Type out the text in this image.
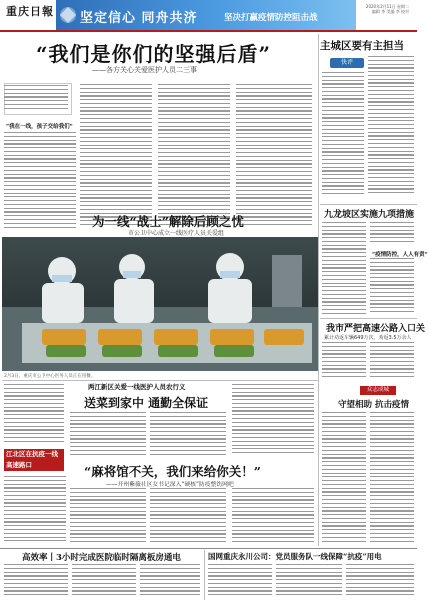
重庆日報 坚定信心 同舟共济	坚决打赢疫情防控阻击战
2020年2月11日 星期二
编辑 李 美编 李 校对
“我们是你们的坚强后盾”
——各方关心关爱医护人员二三事
“我在一线，孩子交给我们”
为一线“战士”解除后顾之忧
市公卫中心成立一线医疗人员关爱组
2月3日，重庆市公卫中心医务人员正在用餐。
两江新区关爱一线医护人员农行义
送菜到家中 通勤全保证
江北区在抗疫一线
高速路口	“麻将馆不关，我们来给你关！”
——开州紫薇社区女书记深入“硬核”防疫整饬网吧
主城区要有主担当
快评
九龙坡区实施九项措施
“疫情防控，人人有责”
我市严把高速公路入口关
累计劝返车辆649万次，劝返3.5万余人
众志成城
守望相助 抗击疫情
高效率丨3小时完成医院临时隔离板房通电	国网重庆永川公司：党员服务队一线保障“抗疫”用电
